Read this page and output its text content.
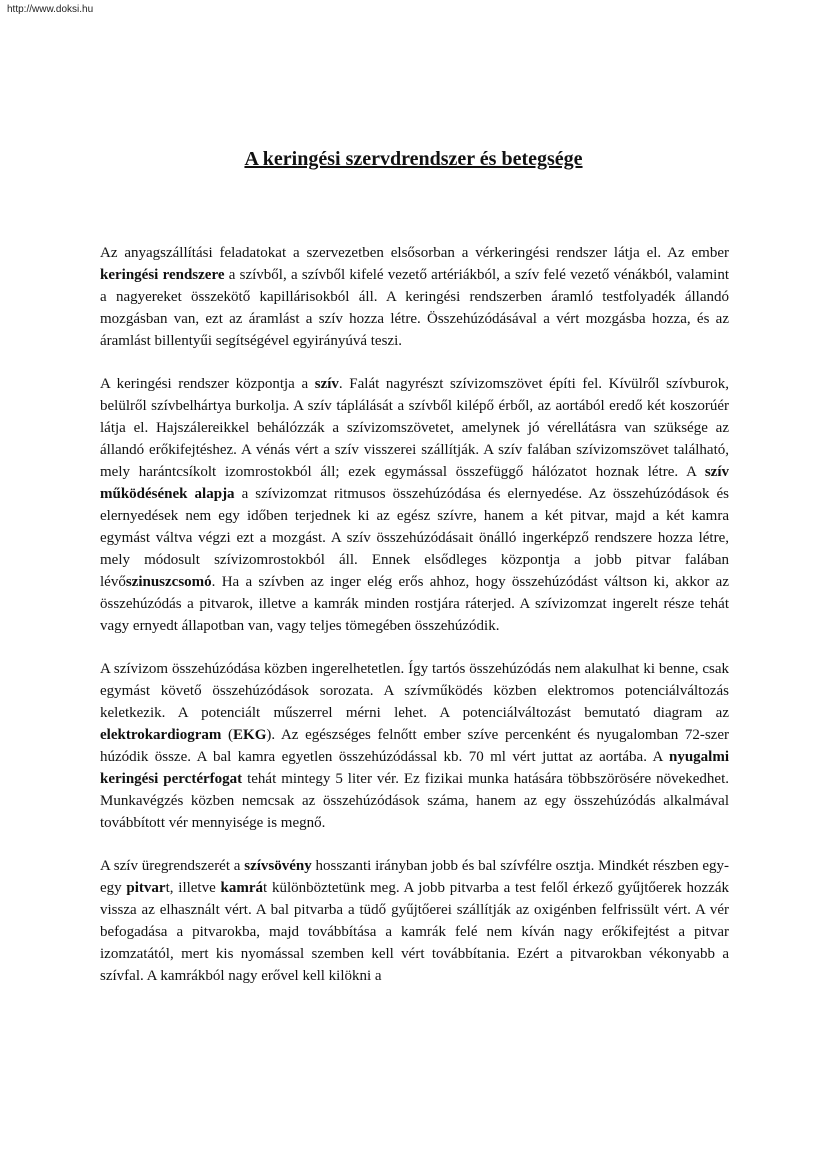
http://www.doksi.hu
A keringési szervdrendszer és betegsége

Az anyagszállítási feladatokat a szervezetben elsősorban a vérkeringési rendszer látja el. Az ember keringési rendszere a szívből, a szívből kifelé vezető artériákból, a szív felé vezető vénákból, valamint a nagyereket összekötő kapillárisokból áll. A keringési rendszerben áramló testfolyadék állandó mozgásban van, ezt az áramlást a szív hozza létre. Összehúzódásával a vért mozgásba hozza, és az áramlást billentyűi segítségével egyirányúvá teszi.

A keringési rendszer központja a szív. Falát nagyrészt szívizomszövet építi fel. Kívülről szívburok, belülről szívbelhártya burkolja. A szív táplálását a szívből kilépő érből, az aortából eredő két koszorúér látja el. Hajszálereikkel behálózzák a szívizomszövetet, amelynek jó vérellátásra van szüksége az állandó erőkifejtéshez. A vénás vért a szív visszerei szállítják. A szív falában szívizomszövet található, mely harántcsíkolt izomrostokból áll; ezek egymással összefüggő hálózatot hoznak létre. A szív működésének alapja a szívizomzat ritmusos összehúzódása és elernyedése. Az összehúzódások és elernyedések nem egy időben terjednek ki az egész szívre, hanem a két pitvar, majd a két kamra egymást váltva végzi ezt a mozgást. A szív összehúzódásait önálló ingerképző rendszere hozza létre, mely módosult szívizomrostokból áll. Ennek elsődleges központja a jobb pitvar falában lévőszinuszcsomó. Ha a szívben az inger elég erős ahhoz, hogy összehúzódást váltson ki, akkor az összehúzódás a pitvarok, illetve a kamrák minden rostjára ráterjed. A szívizomzat ingerelt része tehát vagy ernyedt állapotban van, vagy teljes tömegében összehúzódik.

A szívizom összehúzódása közben ingerelhetetlen. Így tartós összehúzódás nem alakulhat ki benne, csak egymást követő összehúzódások sorozata. A szívműködés közben elektromos potenciálváltozás keletkezik. A potenciált műszerrel mérni lehet. A potenciálváltozást bemutató diagram az elektrokardiogram (EKG). Az egészséges felnőtt ember szíve percenként és nyugalomban 72-szer húzódik össze. A bal kamra egyetlen összehúzódással kb. 70 ml vért juttat az aortába. A nyugalmi keringési perctérfogat tehát mintegy 5 liter vér. Ez fizikai munka hatására többszörösére növekedhet. Munkavégzés közben nemcsak az összehúzódások száma, hanem az egy összehúzódás alkalmával továbbított vér mennyisége is megnő.

A szív üregrendszerét a szívsövény hosszanti irányban jobb és bal szívfélre osztja. Mindkét részben egy-egy pitvart, illetve kamrát különböztetünk meg. A jobb pitvarba a test felől érkező gyűjtőerek hozzák vissza az elhasznált vért. A bal pitvarba a tüdő gyűjtőerei szállítják az oxigénben felfrissült vért. A vér befogadása a pitvarokba, majd továbbítása a kamrák felé nem kíván nagy erőkifejtést a pitvar izomzatától, mert kis nyomással szemben kell vért továbbítania. Ezért a pitvarokban vékonyabb a szívfal. A kamrákból nagy erővel kell kilökni a
